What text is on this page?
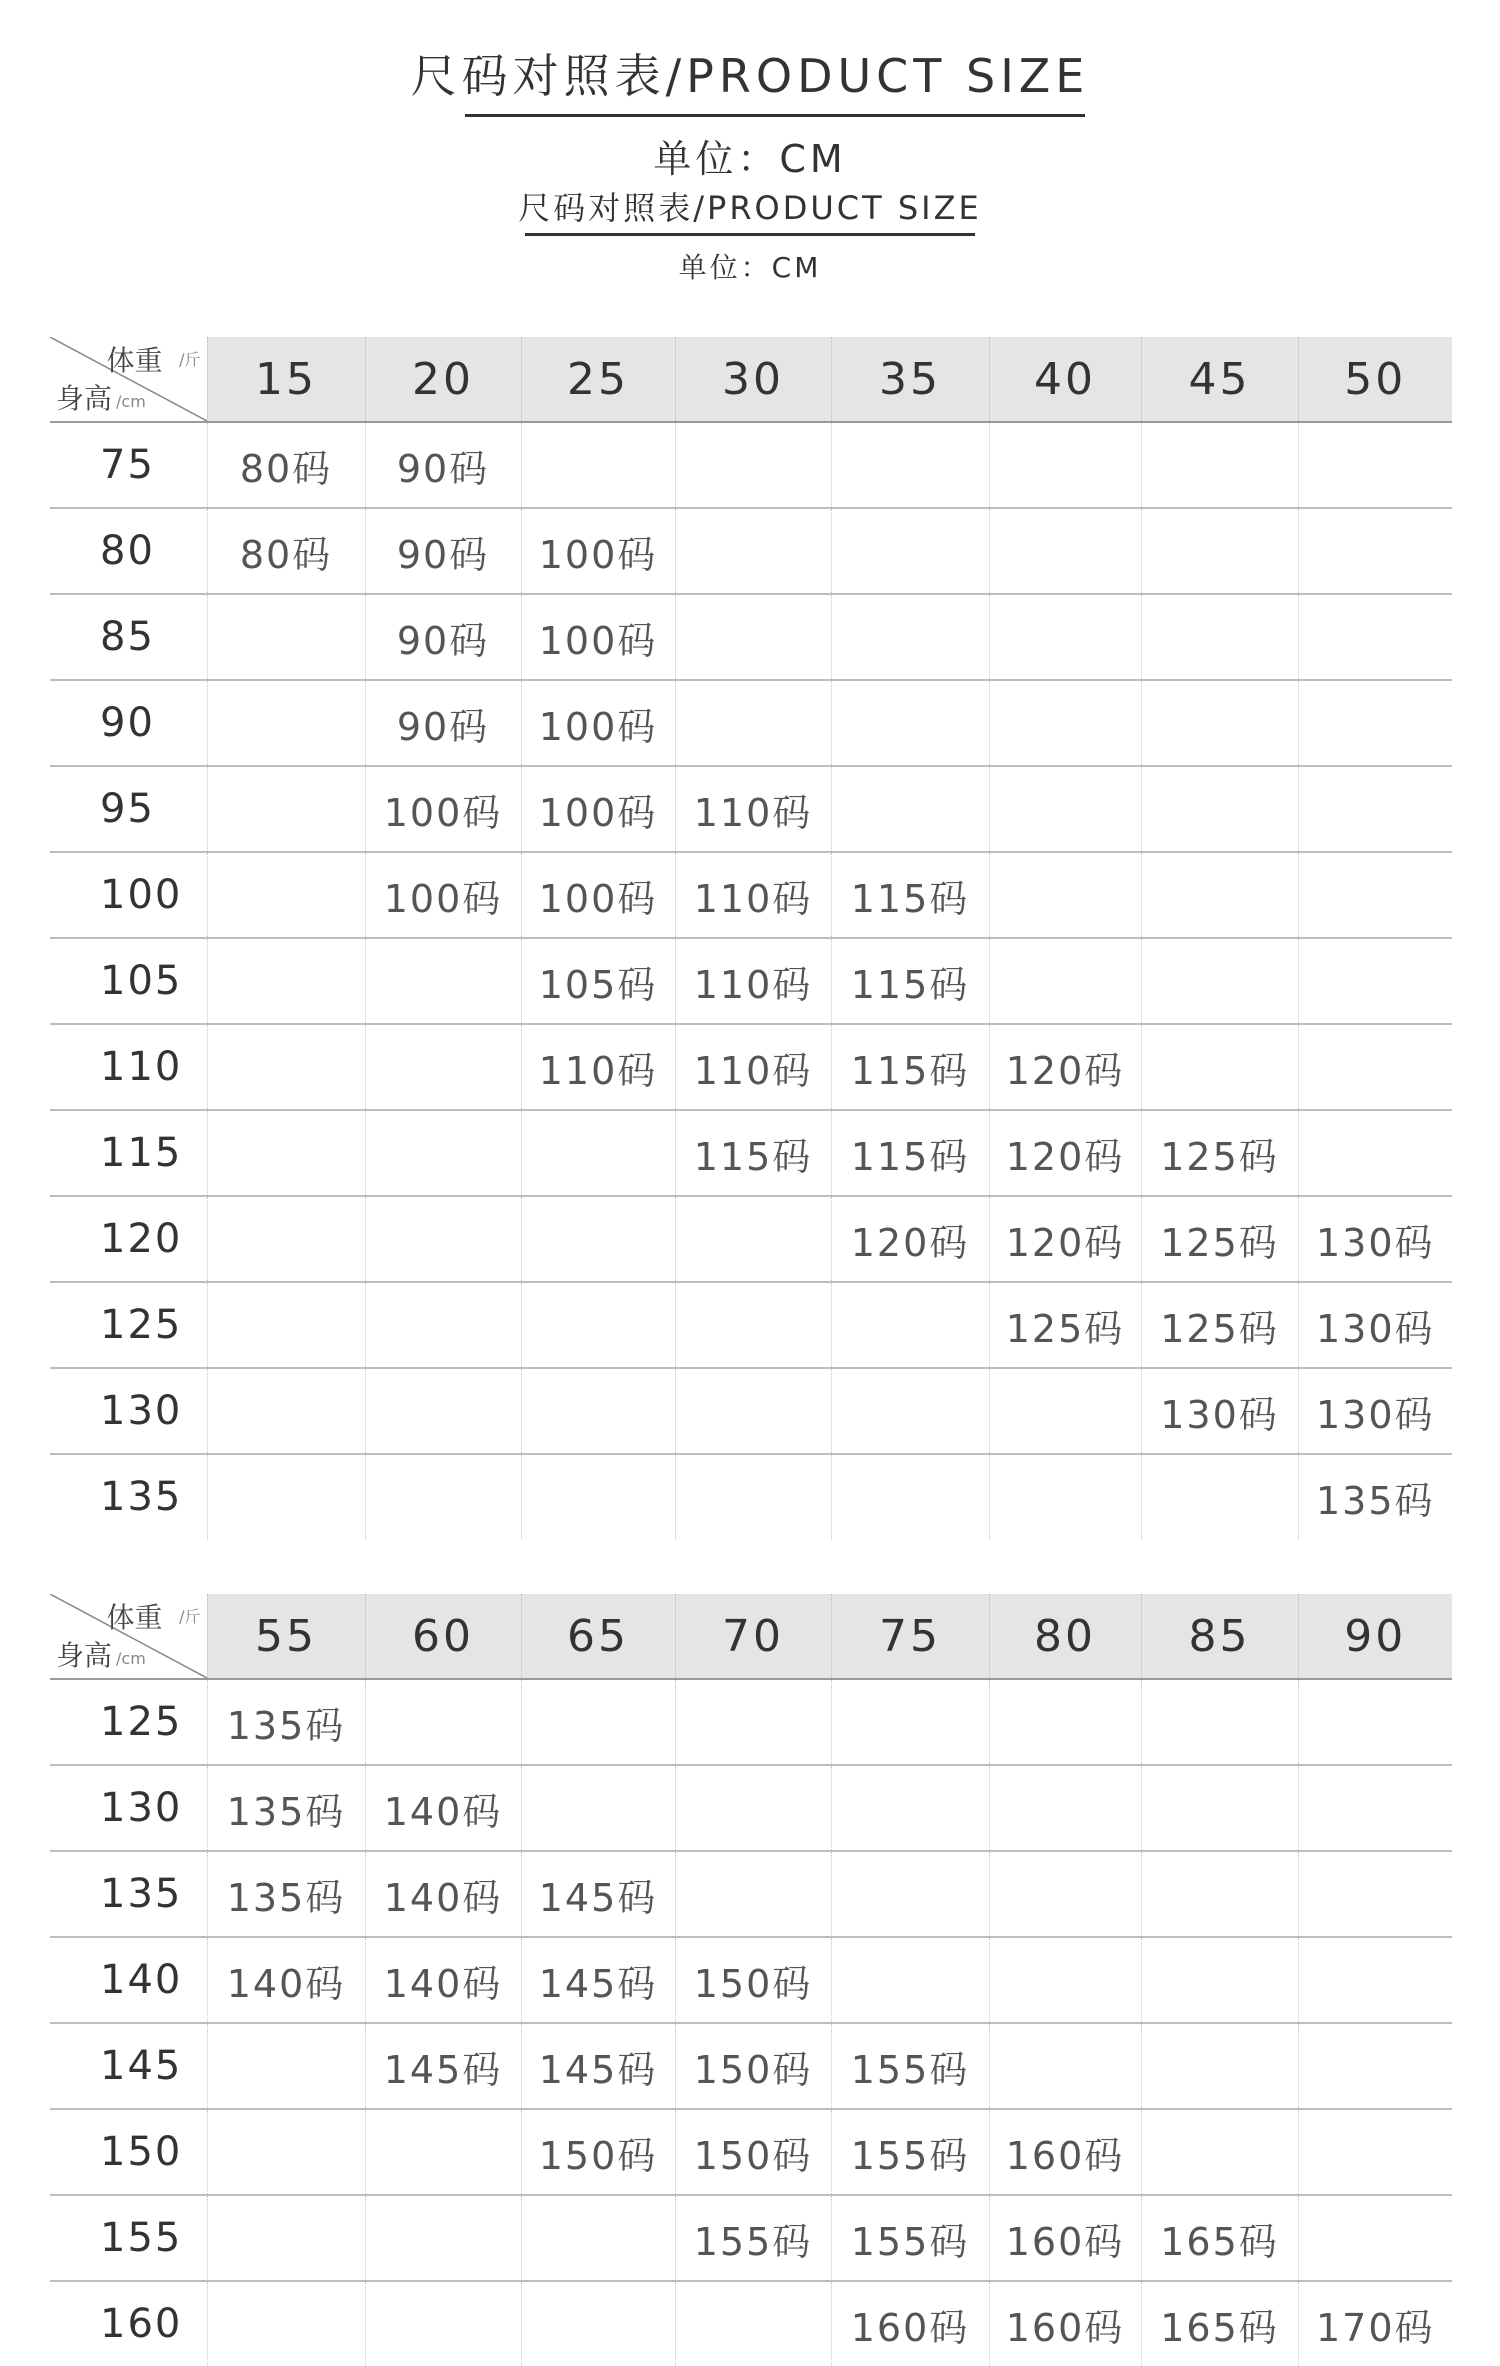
尺码对照表/PRODUCT SIZE
单位：CM
尺码对照表/PRODUCT SIZE
单位：CM
体重 /斤
身高 /cm	15	20	25	30	35	40	45	50
75	80码	90码						
80	80码	90码	100码					
85		90码	100码					
90		90码	100码					
95		100码	100码	110码				
100		100码	100码	110码	115码			
105			105码	110码	115码			
110			110码	110码	115码	120码		
115				115码	115码	120码	125码	
120					120码	120码	125码	130码
125						125码	125码	130码
130							130码	130码
135								135码
体重 /斤
身高 /cm	55	60	65	70	75	80	85	90
125	135码							
130	135码	140码						
135	135码	140码	145码					
140	140码	140码	145码	150码				
145		145码	145码	150码	155码			
150			150码	150码	155码	160码		
155				155码	155码	160码	165码	
160					160码	160码	165码	170码
